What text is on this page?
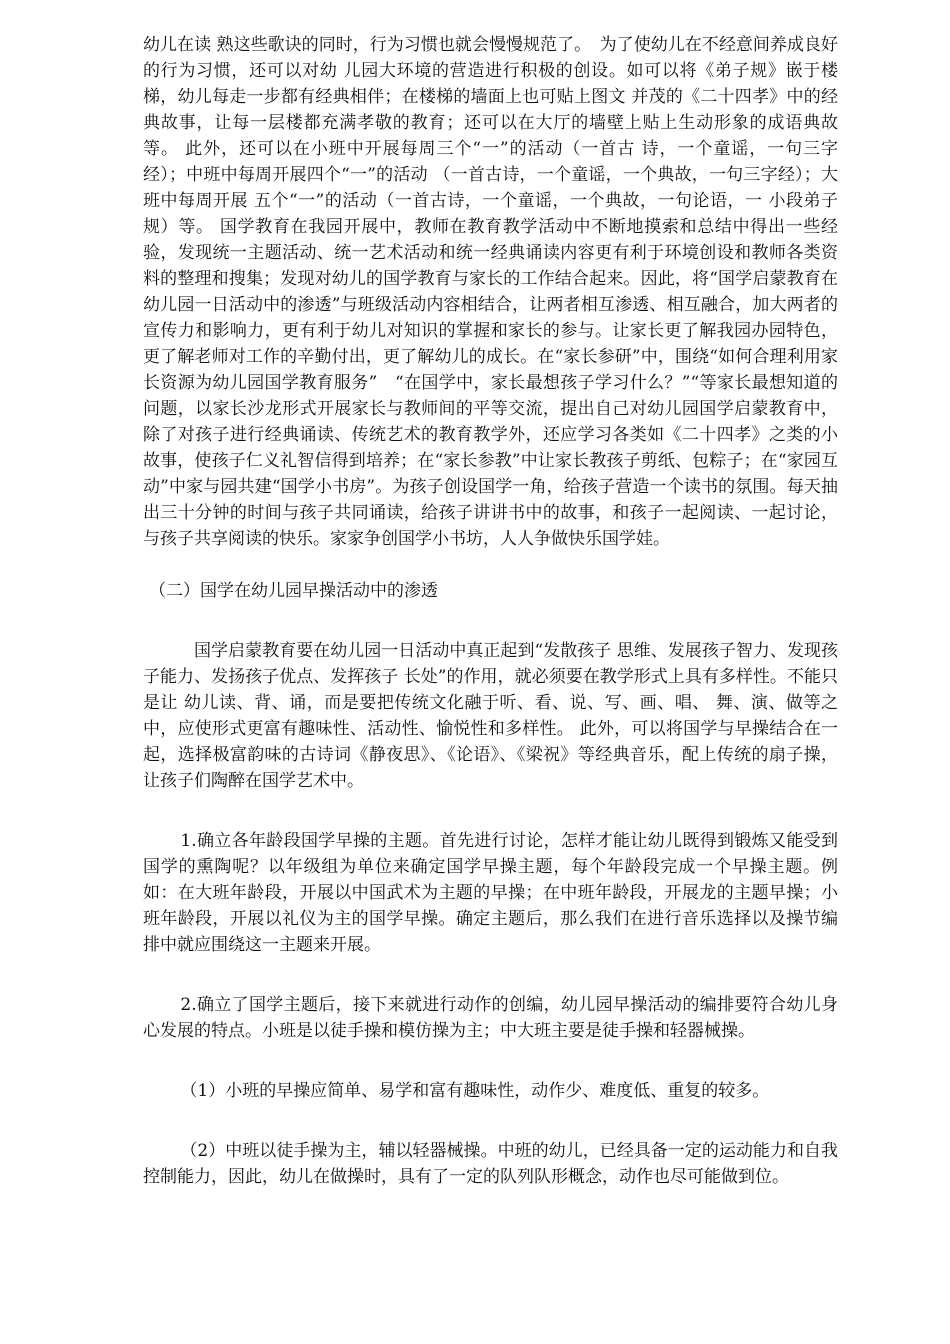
幼儿在读 熟这些歌诀的同时，行为习惯也就会慢慢规范了。　为了使幼儿在不经意间养成良好的行为习惯，还可以对幼 儿园大环境的营造进行积极的创设。如可以将《弟子规》嵌于楼梯，幼儿每走一步都有经典相伴；在楼梯的墙面上也可贴上图文 并茂的《二十四孝》中的经典故事，让每一层楼都充满孝敬的教育；还可以在大厅的墙壁上贴上生动形象的成语典故等。 此外，还可以在小班中开展每周三个“一”的活动（一首古 诗，一个童谣，一句三字经）；中班中每周开展四个“一”的活动 （一首古诗，一个童谣，一个典故，一句三字经）；大班中每周开展 五个“一”的活动（一首古诗，一个童谣，一个典故，一句论语，一 小段弟子规）等。 国学教育在我园开展中，教师在教育教学活动中不断地摸索和总结中得出一些经验，发现统一主题活动、统一艺术活动和统一经典诵读内容更有利于环境创设和教师各类资料的整理和搜集；发现对幼儿的国学教育与家长的工作结合起来。因此，将“国学启蒙教育在幼儿园一日活动中的渗透”与班级活动内容相结合，让两者相互渗透、相互融合，加大两者的宣传力和影响力，更有利于幼儿对知识的掌握和家长的参与。让家长更了解我园办园特色，更了解老师对工作的辛勤付出，更了解幼儿的成长。在“家长参研”中，围绕“如何合理利用家长资源为幼儿园国学教育服务”　“在国学中，家长最想孩子学习什么？”“等家长最想知道的问题，以家长沙龙形式开展家长与教师间的平等交流，提出自己对幼儿园国学启蒙教育中，除了对孩子进行经典诵读、传统艺术的教育教学外，还应学习各类如《二十四孝》之类的小故事，使孩子仁义礼智信得到培养；在“家长参教”中让家长教孩子剪纸、包粽子；在“家园互动”中家与园共建“国学小书房”。为孩子创设国学一角，给孩子营造一个读书的氛围。每天抽出三十分钟的时间与孩子共同诵读，给孩子讲讲书中的故事，和孩子一起阅读、一起讨论，与孩子共享阅读的快乐。家家争创国学小书坊，人人争做快乐国学娃。

（二）国学在幼儿园早操活动中的渗透

国学启蒙教育要在幼儿园一日活动中真正起到“发散孩子 思维、发展孩子智力、发现孩子能力、发扬孩子优点、发挥孩子 长处”的作用，就必须要在教学形式上具有多样性。不能只是让 幼儿读、背、诵，而是要把传统文化融于听、看、说、写、画、唱、 舞、演、做等之中，应使形式更富有趣味性、活动性、愉悦性和多样性。 此外，可以将国学与早操结合在一起，选择极富韵味的古诗词《静夜思》、《论语》、《梁祝》等经典音乐，配上传统的扇子操，让孩子们陶醉在国学艺术中。

1.确立各年龄段国学早操的主题。首先进行讨论，怎样才能让幼儿既得到锻炼又能受到国学的熏陶呢？以年级组为单位来确定国学早操主题，每个年龄段完成一个早操主题。例如：在大班年龄段，开展以中国武术为主题的早操；在中班年龄段，开展龙的主题早操；小班年龄段，开展以礼仪为主的国学早操。确定主题后，那么我们在进行音乐选择以及操节编排中就应围绕这一主题来开展。

2.确立了国学主题后，接下来就进行动作的创编，幼儿园早操活动的编排要符合幼儿身心发展的特点。小班是以徒手操和模仿操为主；中大班主要是徒手操和轻器械操。

（1）小班的早操应简单、易学和富有趣味性，动作少、难度低、重复的较多。

（2）中班以徒手操为主，辅以轻器械操。中班的幼儿，已经具备一定的运动能力和自我控制能力，因此，幼儿在做操时，具有了一定的队列队形概念，动作也尽可能做到位。
